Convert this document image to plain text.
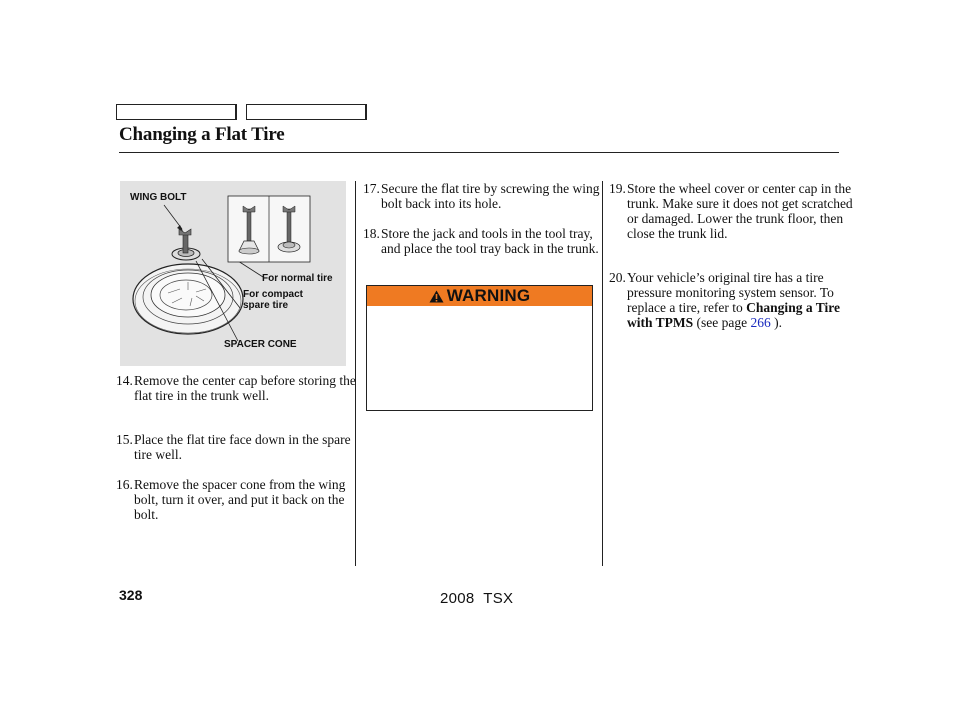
Changing a Flat Tire
WING BOLT
For normal tire
For compact
spare tire
SPACER CONE

14.Remove the center cap before storing the flat tire in the trunk well.

15.Place the flat tire face down in the spare tire well.

16.Remove the spacer cone from the wing bolt, turn it over, and put it back on the bolt.

17.Secure the flat tire by screwing the wing bolt back into its hole.

18.Store the jack and tools in the tool tray, and place the tool tray back in the trunk.

WARNING

19.Store the wheel cover or center cap in the trunk. Make sure it does not get scratched or damaged. Lower the trunk floor, then close the trunk lid.

20.Your vehicle’s original tire has a tire pressure monitoring system sensor. To replace a tire, refer to Changing a Tire with TPMS (see page 266 ).

328	2008  TSX
